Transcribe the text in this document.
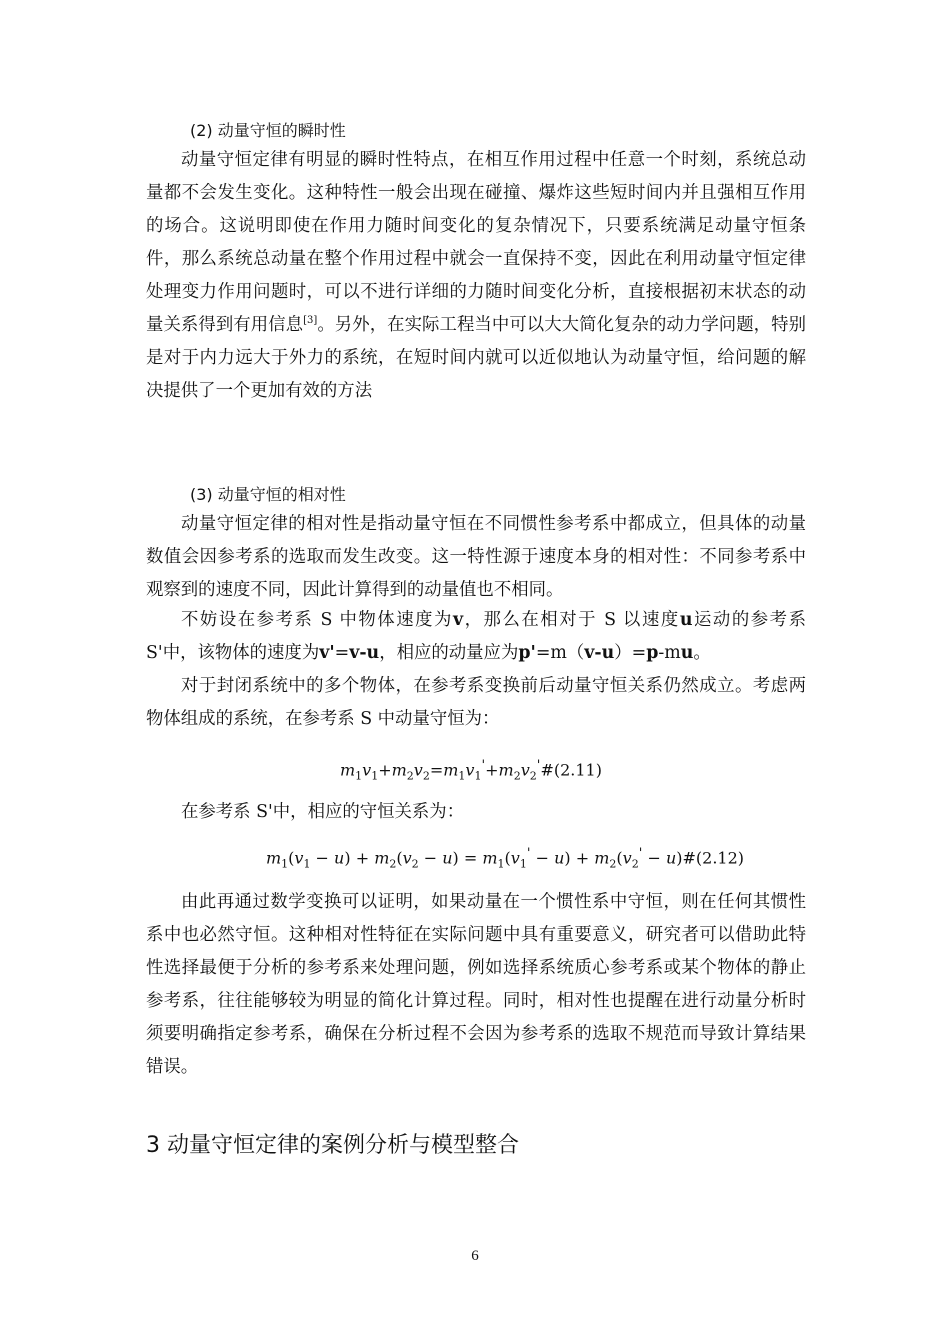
(2) 动量守恒的瞬时性
动量守恒定律有明显的瞬时性特点，在相互作用过程中任意一个时刻，系统总动量都不会发生变化。这种特性一般会出现在碰撞、爆炸这些短时间内并且强相互作用的场合。这说明即使在作用力随时间变化的复杂情况下，只要系统满足动量守恒条件，那么系统总动量在整个作用过程中就会一直保持不变，因此在利用动量守恒定律处理变力作用问题时，可以不进行详细的力随时间变化分析，直接根据初末状态的动量关系得到有用信息[3]。另外，在实际工程当中可以大大简化复杂的动力学问题，特别是对于内力远大于外力的系统，在短时间内就可以近似地认为动量守恒，给问题的解决提供了一个更加有效的方法
(3) 动量守恒的相对性
动量守恒定律的相对性是指动量守恒在不同惯性参考系中都成立，但具体的动量数值会因参考系的选取而发生改变。这一特性源于速度本身的相对性：不同参考系中观察到的速度不同，因此计算得到的动量值也不相同。
不妨设在参考系 S 中物体速度为v，那么在相对于 S 以速度u运动的参考系 S'中，该物体的速度为v'=v-u，相应的动量应为p'=m（v-u）=p-mu。
对于封闭系统中的多个物体，在参考系变换前后动量守恒关系仍然成立。考虑两物体组成的系统，在参考系 S 中动量守恒为：
$m_1v_1+m_2v_2=m_1v_1'+m_2v_2'\#(2.11)$
在参考系 S'中，相应的守恒关系为：
$m_1(v_1 - u) + m_2(v_2 - u) = m_1(v_1' - u) + m_2(v_2'$ − u)#(2.12)
由此再通过数学变换可以证明，如果动量在一个惯性系中守恒，则在任何其惯性系中也必然守恒。这种相对性特征在实际问题中具有重要意义，研究者可以借助此特性选择最便于分析的参考系来处理问题，例如选择系统质心参考系或某个物体的静止参考系，往往能够较为明显的简化计算过程。同时，相对性也提醒在进行动量分析时须要明确指定参考系，确保在分析过程不会因为参考系的选取不规范而导致计算结果错误。
3 动量守恒定律的案例分析与模型整合
6
